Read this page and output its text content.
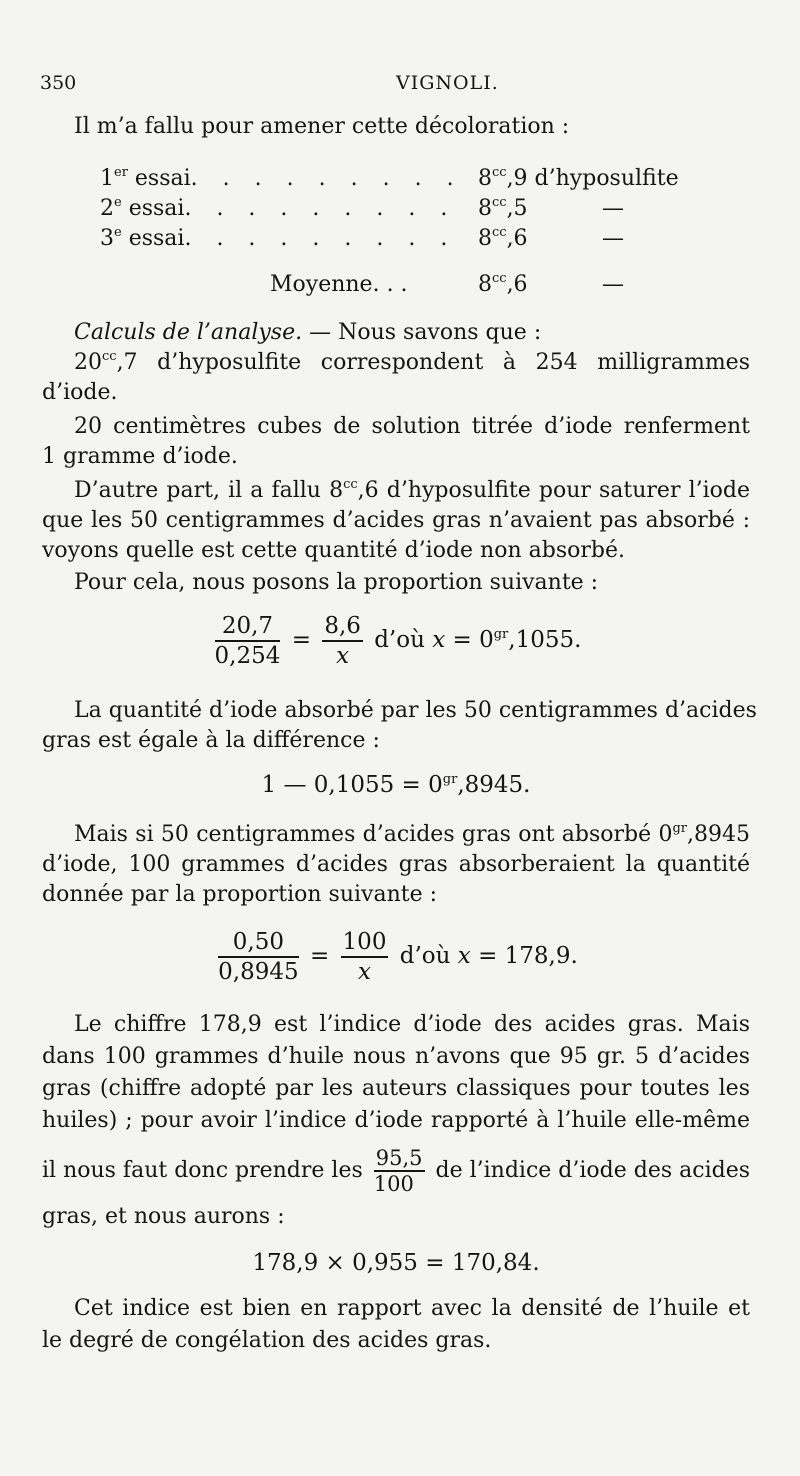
350	VIGNOLI.
Il m’a fallu pour amener cette décoloration :
1er essai. . . . . . . . . $8^{cc},9$ d’hyposulfite
2e essai. . . . . . . . . $8^{cc},5$	—
3e essai. . . . . . . . . $8^{cc},6$	—
Moyenne. . .	$8^{cc},6$	—
Calculs de l’analyse. — Nous savons que :
$20^{cc},7$ d’hyposulfite correspondent à 254 milligrammes
d’iode.
20 centimètres cubes de solution titrée d’iode renferment
1 gramme d’iode.
D’autre part, il a fallu $8^{cc},6$ d’hyposulfite pour saturer l’iode
que les 50 centigrammes d’acides gras n’avaient pas absorbé :
voyons quelle est cette quantité d’iode non absorbé.
Pour cela, nous posons la proportion suivante :
$\frac{20,7}{0,254} = \frac{8,6}{x}$ d’où $x = 0^{gr},1055$.
La quantité d’iode absorbé par les 50 centigrammes d’acides
gras est égale à la différence :
1 — $0,1055 = 0^{gr},8945$.
Mais si 50 centigrammes d’acides gras ont absorbé $0^{gr},8945$
d’iode, 100 grammes d’acides gras absorberaient la quantité
donnée par la proportion suivante :
$\frac{0,50}{0,8945} = \frac{100}{x}$ d’où x = 178,9.
Le chiffre 178,9 est l’indice d’iode des acides gras. Mais
dans 100 grammes d’huile nous n’avons que 95 gr. 5 d’acides
gras (chiffre adopté par les auteurs classiques pour toutes les
huiles) ; pour avoir l’indice d’iode rapporté à l’huile elle-même
il nous faut donc prendre les $\frac{95,5}{100}$ de l’indice d’iode des acides
gras, et nous aurons :
178,9 × 0,955 = 170,84.
Cet indice est bien en rapport avec la densité de l’huile et
le degré de congélation des acides gras.
